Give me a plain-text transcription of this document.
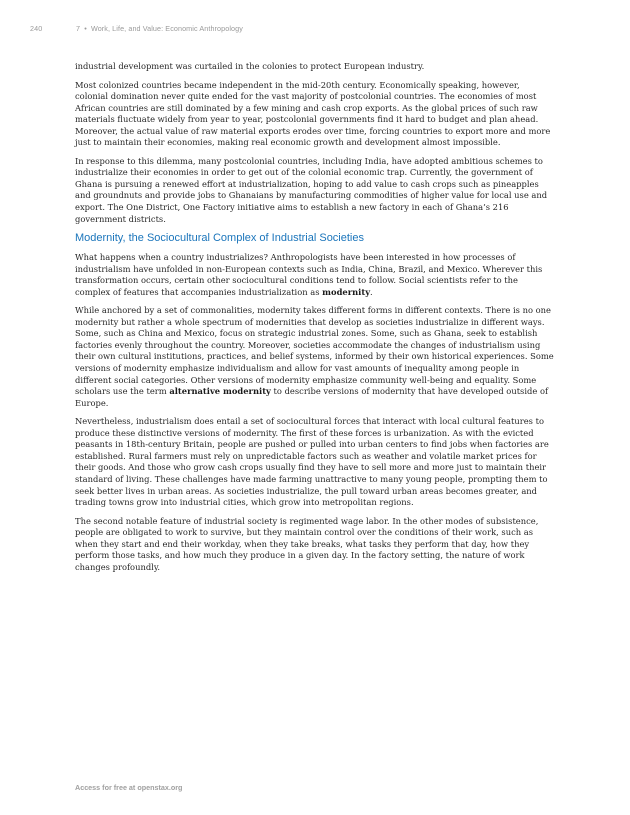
240	7 • Work, Life, and Value: Economic Anthropology

industrial development was curtailed in the colonies to protect European industry.

Most colonized countries became independent in the mid-20th century. Economically speaking, however, colonial domination never quite ended for the vast majority of postcolonial countries. The economies of most African countries are still dominated by a few mining and cash crop exports. As the global prices of such raw materials fluctuate widely from year to year, postcolonial governments find it hard to budget and plan ahead. Moreover, the actual value of raw material exports erodes over time, forcing countries to export more and more just to maintain their economies, making real economic growth and development almost impossible.

In response to this dilemma, many postcolonial countries, including India, have adopted ambitious schemes to industrialize their economies in order to get out of the colonial economic trap. Currently, the government of Ghana is pursuing a renewed effort at industrialization, hoping to add value to cash crops such as pineapples and groundnuts and provide jobs to Ghanaians by manufacturing commodities of higher value for local use and export. The One District, One Factory initiative aims to establish a new factory in each of Ghana’s 216 government districts.

Modernity, the Sociocultural Complex of Industrial Societies

What happens when a country industrializes? Anthropologists have been interested in how processes of industrialism have unfolded in non-European contexts such as India, China, Brazil, and Mexico. Wherever this transformation occurs, certain other sociocultural conditions tend to follow. Social scientists refer to the complex of features that accompanies industrialization as modernity.

While anchored by a set of commonalities, modernity takes different forms in different contexts. There is no one modernity but rather a whole spectrum of modernities that develop as societies industrialize in different ways. Some, such as China and Mexico, focus on strategic industrial zones. Some, such as Ghana, seek to establish factories evenly throughout the country. Moreover, societies accommodate the changes of industrialism using their own cultural institutions, practices, and belief systems, informed by their own historical experiences. Some versions of modernity emphasize individualism and allow for vast amounts of inequality among people in different social categories. Other versions of modernity emphasize community well-being and equality. Some scholars use the term alternative modernity to describe versions of modernity that have developed outside of Europe.

Nevertheless, industrialism does entail a set of sociocultural forces that interact with local cultural features to produce these distinctive versions of modernity. The first of these forces is urbanization. As with the evicted peasants in 18th-century Britain, people are pushed or pulled into urban centers to find jobs when factories are established. Rural farmers must rely on unpredictable factors such as weather and volatile market prices for their goods. And those who grow cash crops usually find they have to sell more and more just to maintain their standard of living. These challenges have made farming unattractive to many young people, prompting them to seek better lives in urban areas. As societies industrialize, the pull toward urban areas becomes greater, and trading towns grow into industrial cities, which grow into metropolitan regions.

The second notable feature of industrial society is regimented wage labor. In the other modes of subsistence, people are obligated to work to survive, but they maintain control over the conditions of their work, such as when they start and end their workday, when they take breaks, what tasks they perform that day, how they perform those tasks, and how much they produce in a given day. In the factory setting, the nature of work changes profoundly.

Access for free at openstax.org
